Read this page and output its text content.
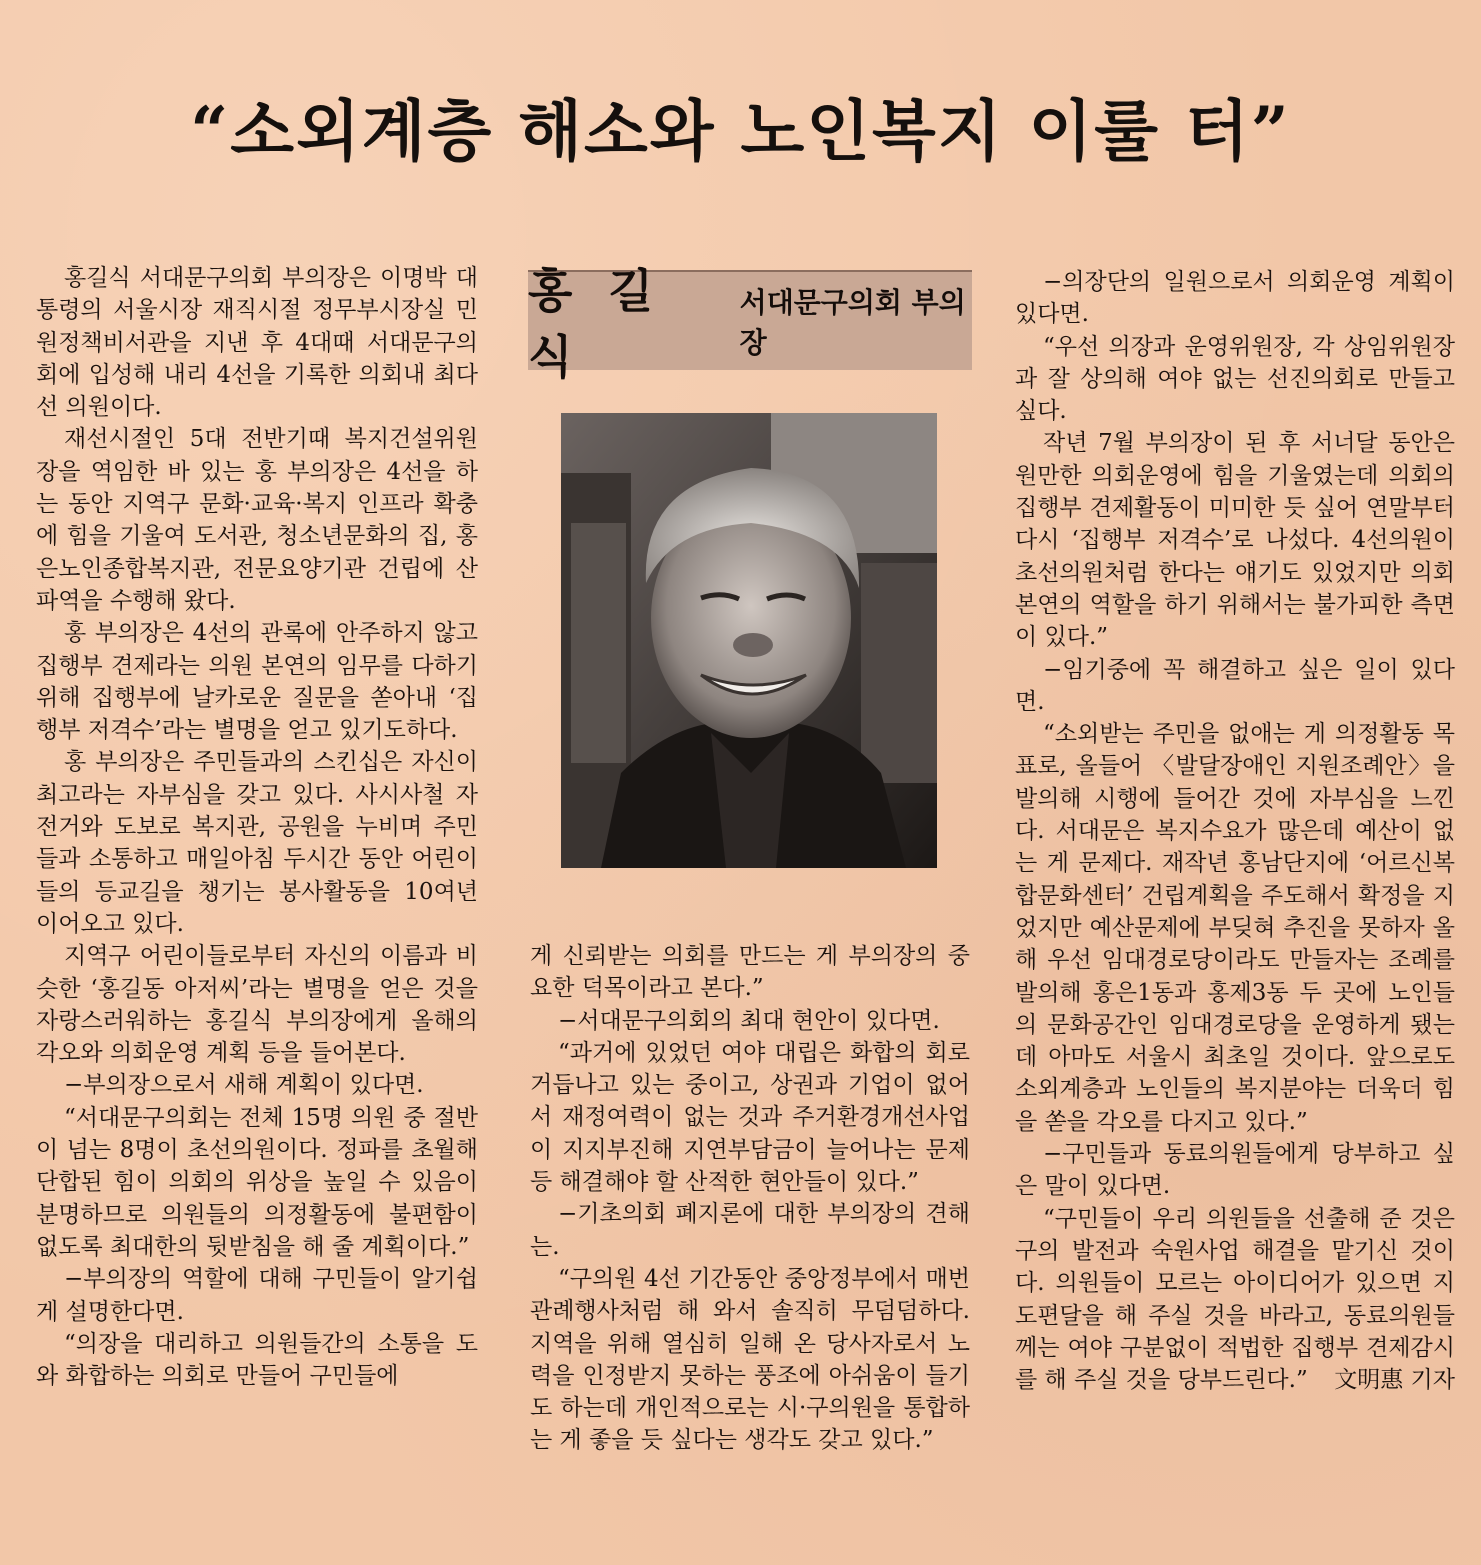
“소외계층 해소와 노인복지 이룰 터”

홍길식 서대문구의회 부의장은 이명박 대통령의 서울시장 재직시절 정무부시장실 민원정책비서관을 지낸 후 4대때 서대문구의회에 입성해 내리 4선을 기록한 의회내 최다선 의원이다.

재선시절인 5대 전반기때 복지건설위원장을 역임한 바 있는 홍 부의장은 4선을 하는 동안 지역구 문화·교육·복지 인프라 확충에 힘을 기울여 도서관, 청소년문화의 집, 홍은노인종합복지관, 전문요양기관 건립에 산파역을 수행해 왔다.

홍 부의장은 4선의 관록에 안주하지 않고 집행부 견제라는 의원 본연의 임무를 다하기 위해 집행부에 날카로운 질문을 쏟아내 ‘집행부 저격수’라는 별명을 얻고 있기도하다.

홍 부의장은 주민들과의 스킨십은 자신이 최고라는 자부심을 갖고 있다. 사시사철 자전거와 도보로 복지관, 공원을 누비며 주민들과 소통하고 매일아침 두시간 동안 어린이들의 등교길을 챙기는 봉사활동을 10여년 이어오고 있다.

지역구 어린이들로부터 자신의 이름과 비슷한 ‘홍길동 아저씨’라는 별명을 얻은 것을 자랑스러워하는 홍길식 부의장에게 올해의 각오와 의회운영 계획 등을 들어본다.

−부의장으로서 새해 계획이 있다면.

“서대문구의회는 전체 15명 의원 중 절반이 넘는 8명이 초선의원이다. 정파를 초월해 단합된 힘이 의회의 위상을 높일 수 있음이 분명하므로 의원들의 의정활동에 불편함이 없도록 최대한의 뒷받침을 해 줄 계획이다.”

−부의장의 역할에 대해 구민들이 알기쉽게 설명한다면.

“의장을 대리하고 의원들간의 소통을 도와 화합하는 의회로 만들어 구민들에

홍 길 식
서대문구의회 부의장

게 신뢰받는 의회를 만드는 게 부의장의 중요한 덕목이라고 본다.”

−서대문구의회의 최대 현안이 있다면.

“과거에 있었던 여야 대립은 화합의 회로 거듭나고 있는 중이고, 상권과 기업이 없어서 재정여력이 없는 것과 주거환경개선사업이 지지부진해 지연부담금이 늘어나는 문제 등 해결해야 할 산적한 현안들이 있다.”

−기초의회 폐지론에 대한 부의장의 견해는.

“구의원 4선 기간동안 중앙정부에서 매번 관례행사처럼 해 와서 솔직히 무덤덤하다. 지역을 위해 열심히 일해 온 당사자로서 노력을 인정받지 못하는 풍조에 아쉬움이 들기도 하는데 개인적으로는 시·구의원을 통합하는 게 좋을 듯 싶다는 생각도 갖고 있다.”

−의장단의 일원으로서 의회운영 계획이 있다면.

“우선 의장과 운영위원장, 각 상임위원장과 잘 상의해 여야 없는 선진의회로 만들고 싶다.

작년 7월 부의장이 된 후 서너달 동안은 원만한 의회운영에 힘을 기울였는데 의회의 집행부 견제활동이 미미한 듯 싶어 연말부터 다시 ‘집행부 저격수’로 나섰다. 4선의원이 초선의원처럼 한다는 얘기도 있었지만 의회 본연의 역할을 하기 위해서는 불가피한 측면이 있다.”

−임기중에 꼭 해결하고 싶은 일이 있다면.

“소외받는 주민을 없애는 게 의정활동 목표로, 올들어 〈발달장애인 지원조례안〉을 발의해 시행에 들어간 것에 자부심을 느낀다. 서대문은 복지수요가 많은데 예산이 없는 게 문제다. 재작년 홍남단지에 ‘어르신복합문화센터’ 건립계획을 주도해서 확정을 지었지만 예산문제에 부딪혀 추진을 못하자 올해 우선 임대경로당이라도 만들자는 조례를 발의해 홍은1동과 홍제3동 두 곳에 노인들의 문화공간인 임대경로당을 운영하게 됐는데 아마도 서울시 최초일 것이다. 앞으로도 소외계층과 노인들의 복지분야는 더욱더 힘을 쏟을 각오를 다지고 있다.”

−구민들과 동료의원들에게 당부하고 싶은 말이 있다면.

“구민들이 우리 의원들을 선출해 준 것은 구의 발전과 숙원사업 해결을 맡기신 것이다. 의원들이 모르는 아이디어가 있으면 지도편달을 해 주실 것을 바라고, 동료의원들께는 여야 구분없이 적법한 집행부 견제감시를 해 주실 것을 당부드린다.”	文明惠 기자
